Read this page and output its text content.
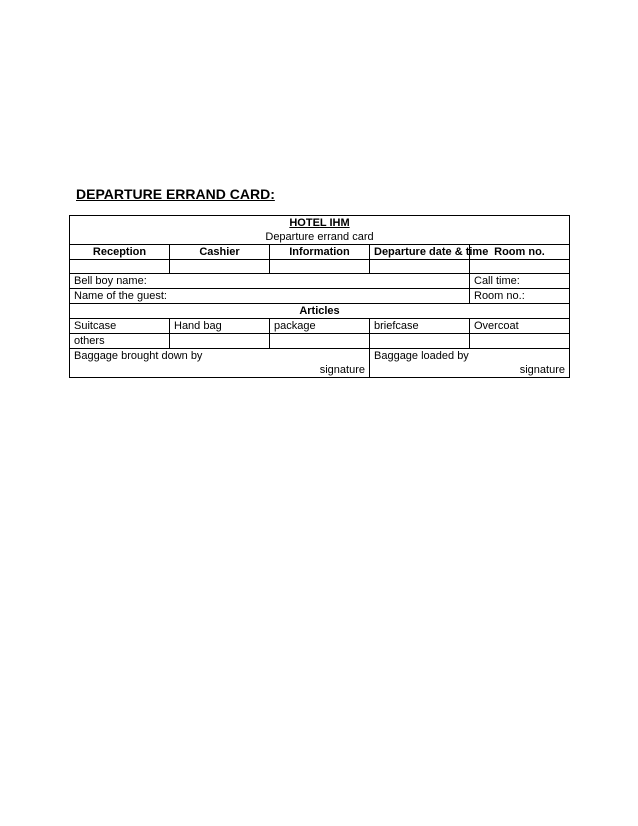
DEPARTURE ERRAND CARD:
HOTEL IHM				
Departure errand card				
Reception	Cashier	Information	Departure date & time	Room no.

Bell boy name:				Call time:
Name of the guest:				Room no.:
Articles				
Suitcase	Hand bag	package	briefcase	Overcoat
others				
Baggage brought down by			Baggage loaded by	
signature			signature	
